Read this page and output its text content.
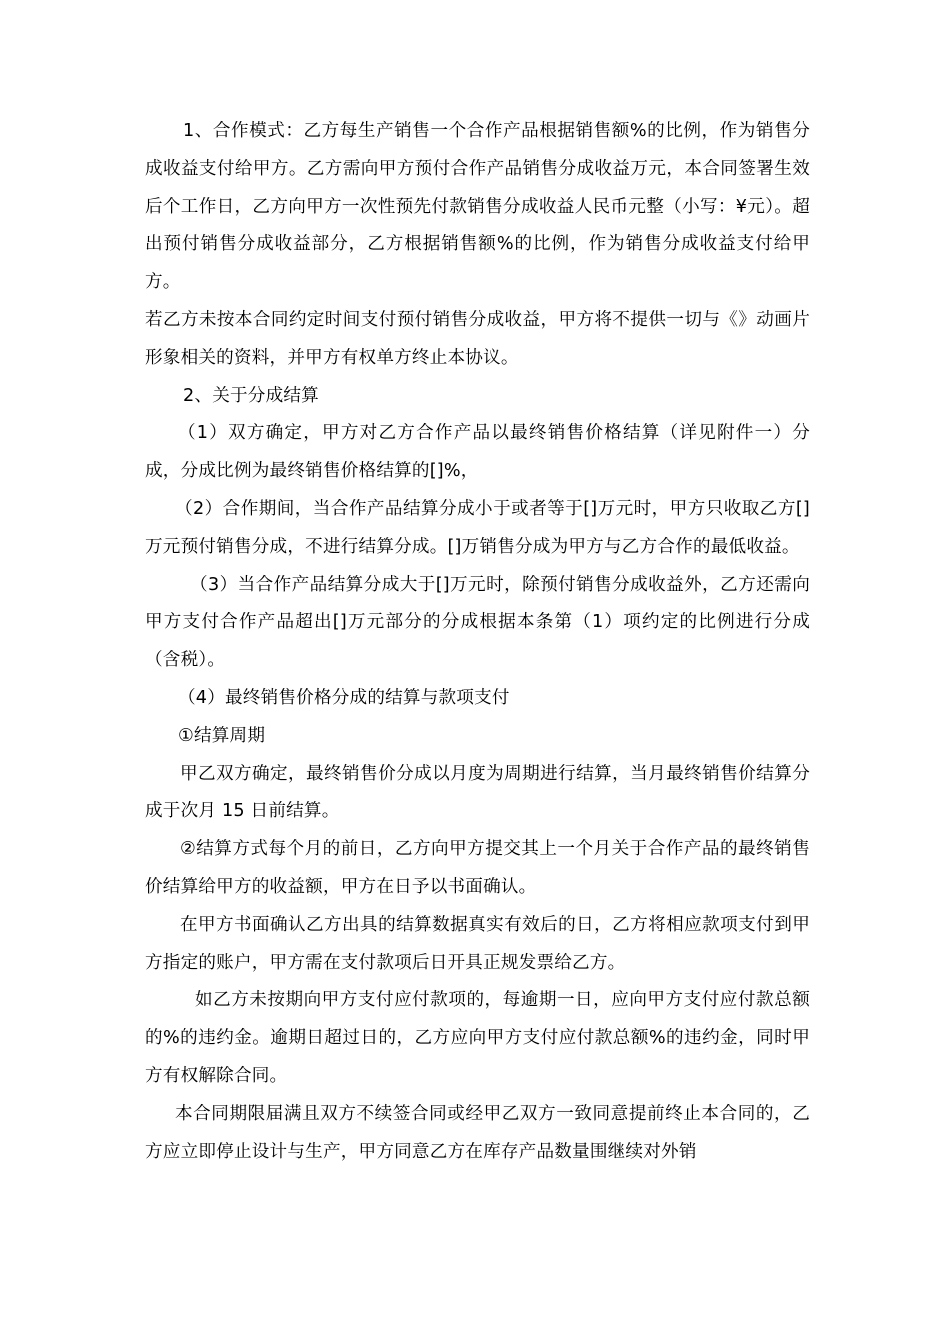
1、合作模式：乙方每生产销售一个合作产品根据销售额%的比例，作为销售分成收益支付给甲方。乙方需向甲方预付合作产品销售分成收益万元，本合同签署生效后个工作日，乙方向甲方一次性预先付款销售分成收益人民币元整（小写：¥元）。超出预付销售分成收益部分，乙方根据销售额%的比例，作为销售分成收益支付给甲方。

若乙方未按本合同约定时间支付预付销售分成收益，甲方将不提供一切与《》动画片形象相关的资料，并甲方有权单方终止本协议。

2、关于分成结算

（1）双方确定，甲方对乙方合作产品以最终销售价格结算（详见附件一）分成，分成比例为最终销售价格结算的[]%，

（2）合作期间，当合作产品结算分成小于或者等于[]万元时，甲方只收取乙方[]万元预付销售分成，不进行结算分成。[]万销售分成为甲方与乙方合作的最低收益。

（3）当合作产品结算分成大于[]万元时，除预付销售分成收益外，乙方还需向甲方支付合作产品超出[]万元部分的分成根据本条第（1）项约定的比例进行分成（含税）。

（4）最终销售价格分成的结算与款项支付

①结算周期

甲乙双方确定，最终销售价分成以月度为周期进行结算，当月最终销售价结算分成于次月 15 日前结算。

②结算方式每个月的前日，乙方向甲方提交其上一个月关于合作产品的最终销售价结算给甲方的收益额，甲方在日予以书面确认。

在甲方书面确认乙方出具的结算数据真实有效后的日，乙方将相应款项支付到甲方指定的账户，甲方需在支付款项后日开具正规发票给乙方。

如乙方未按期向甲方支付应付款项的，每逾期一日，应向甲方支付应付款总额的%的违约金。逾期日超过日的，乙方应向甲方支付应付款总额%的违约金，同时甲方有权解除合同。

本合同期限届满且双方不续签合同或经甲乙双方一致同意提前终止本合同的，乙方应立即停止设计与生产，甲方同意乙方在库存产品数量围继续对外销
